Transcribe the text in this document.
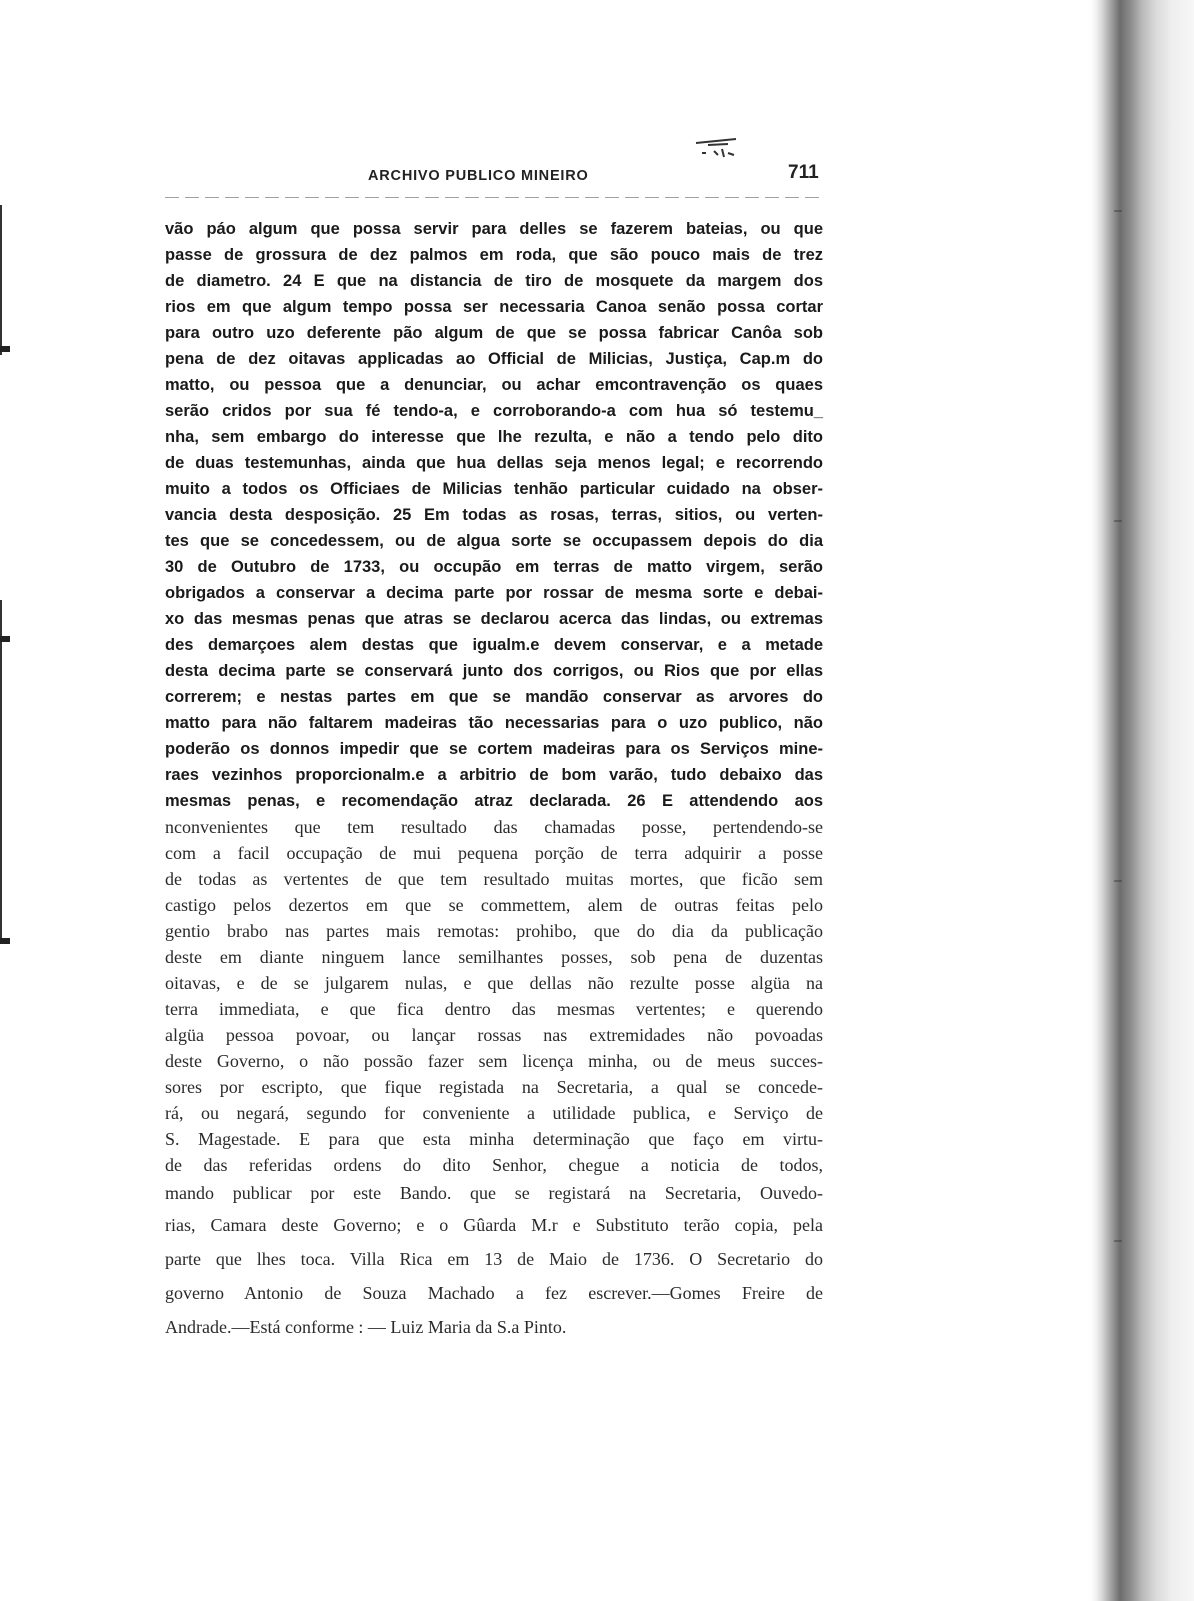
ARCHIVO PUBLICO MINEIRO	711
vão páo algum que possa servir para delles se fazerem bateias, ou que
passe de grossura de dez palmos em roda, que são pouco mais de trez
de diametro. 24 E que na distancia de tiro de mosquete da margem dos
rios em que algum tempo possa ser necessaria Canoa senão possa cortar
para outro uzo deferente pão algum de que se possa fabricar Canôa sob
pena de dez oitavas applicadas ao Official de Milicias, Justiça, Cap.m do
matto, ou pessoa que a denunciar, ou achar emcontravenção os quaes
serão cridos por sua fé tendo-a, e corroborando-a com hua só testemu_
nha, sem embargo do interesse que lhe rezulta, e não a tendo pelo dito
de duas testemunhas, ainda que hua dellas seja menos legal; e recorrendo
muito a todos os Officiaes de Milicias tenhão particular cuidado na obser-
vancia desta desposição. 25 Em todas as rosas, terras, sitios, ou verten-
tes que se concedessem, ou de algua sorte se occupassem depois do dia
30 de Outubro de 1733, ou occupão em terras de matto virgem, serão
obrigados a conservar a decima parte por rossar de mesma sorte e debai-
xo das mesmas penas que atras se declarou acerca das lindas, ou extremas
des demarçoes alem destas que igualm.e devem conservar, e a metade
desta decima parte se conservará junto dos corrigos, ou Rios que por ellas
correrem; e nestas partes em que se mandão conservar as arvores do
matto para não faltarem madeiras tão necessarias para o uzo publico, não
poderão os donnos impedir que se cortem madeiras para os Serviços mine-
raes vezinhos proporcionalm.e a arbitrio de bom varão, tudo debaixo das
mesmas penas, e recomendação atraz declarada. 26 E attendendo aos
nconvenientes que tem resultado das chamadas posse, pertendendo-se
com a facil occupação de mui pequena porção de terra adquirir a posse
de todas as vertentes de que tem resultado muitas mortes, que ficão sem
castigo pelos dezertos em que se commettem, alem de outras feitas pelo
gentio brabo nas partes mais remotas: prohibo, que do dia da publicação
deste em diante ninguem lance semilhantes posses, sob pena de duzentas
oitavas, e de se julgarem nulas, e que dellas não rezulte posse algüa na
terra immediata, e que fica dentro das mesmas vertentes; e querendo
algüa pessoa povoar, ou lançar rossas nas extremidades não povoadas
deste Governo, o não possão fazer sem licença minha, ou de meus succes-
sores por escripto, que fique registada na Secretaria, a qual se concede-
rá, ou negará, segundo for conveniente a utilidade publica, e Serviço de
S. Magestade. E para que esta minha determinação que faço em virtu-
de das referidas ordens do dito Senhor, chegue a noticia de todos,
mando publicar por este Bando. que se registará na Secretaria, Ouvedo-
rias, Camara deste Governo; e o Gûarda M.r e Substituto terão copia, pela
parte que lhes toca. Villa Rica em 13 de Maio de 1736. O Secretario do
governo Antonio de Souza Machado a fez escrever.—Gomes Freire de
Andrade.—Está conforme : — Luiz Maria da S.a Pinto.
